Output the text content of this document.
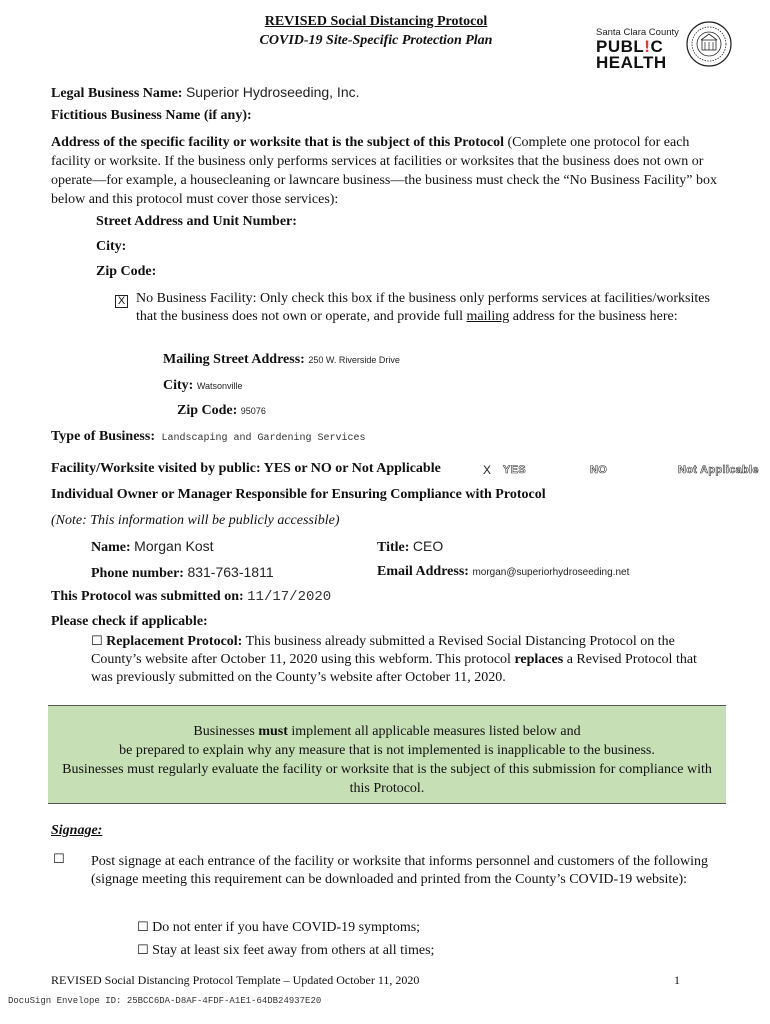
REVISED Social Distancing Protocol
COVID-19 Site-Specific Protection Plan
Santa Clara County
PUBL!C
HEALTH
Legal Business Name: Superior Hydroseeding, Inc.
Fictitious Business Name (if any):
Address of the specific facility or worksite that is the subject of this Protocol (Complete one protocol for each facility or worksite. If the business only performs services at facilities or worksites that the business does not own or operate—for example, a housecleaning or lawncare business—the business must check the “No Business Facility” box below and this protocol must cover those services):
Street Address and Unit Number:
City:
Zip Code:
X No Business Facility: Only check this box if the business only performs services at facilities/worksites that the business does not own or operate, and provide full mailing address for the business here:
Mailing Street Address: 250 W. Riverside Drive
City: Watsonville
Zip Code: 95076
Type of Business: Landscaping and Gardening Services
Facility/Worksite visited by public: YES or NO or Not Applicable	X YES	NO	Not Applicable
Individual Owner or Manager Responsible for Ensuring Compliance with Protocol
(Note: This information will be publicly accessible)
Name: Morgan Kost	Title: CEO
Phone number: 831-763-1811	Email Address: morgan@superiorhydroseeding.net
This Protocol was submitted on: 11/17/2020
Please check if applicable:
☐ Replacement Protocol: This business already submitted a Revised Social Distancing Protocol on the County’s website after October 11, 2020 using this webform. This protocol replaces a Revised Protocol that was previously submitted on the County’s website after October 11, 2020.
Businesses must implement all applicable measures listed below and
be prepared to explain why any measure that is not implemented is inapplicable to the business.
Businesses must regularly evaluate the facility or worksite that is the subject of this submission for compliance with this Protocol.
Signage:
☐ Post signage at each entrance of the facility or worksite that informs personnel and customers of the following (signage meeting this requirement can be downloaded and printed from the County’s COVID-19 website):
☐ Do not enter if you have COVID-19 symptoms;
☐ Stay at least six feet away from others at all times;
REVISED Social Distancing Protocol Template – Updated October 11, 2020	1
DocuSign Envelope ID: 25BCC6DA-D8AF-4FDF-A1E1-64DB24937E20
